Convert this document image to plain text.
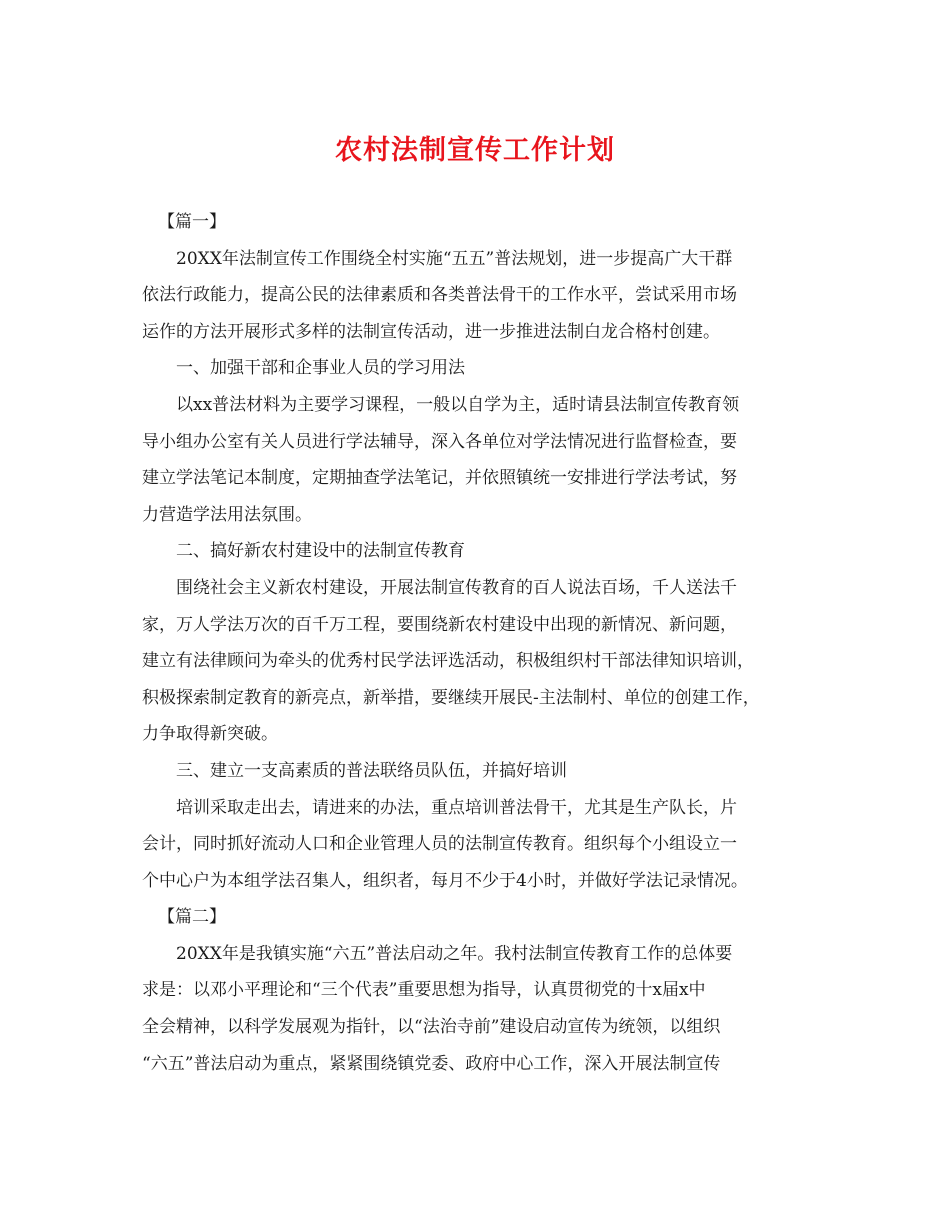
农村法制宣传工作计划
【篇一】
20XX年法制宣传工作围绕全村实施“五五”普法规划，进一步提高广大干群
依法行政能力，提高公民的法律素质和各类普法骨干的工作水平，尝试采用市场
运作的方法开展形式多样的法制宣传活动，进一步推进法制白龙合格村创建。
一、加强干部和企事业人员的学习用法
以xx普法材料为主要学习课程，一般以自学为主，适时请县法制宣传教育领
导小组办公室有关人员进行学法辅导，深入各单位对学法情况进行监督检查，要
建立学法笔记本制度，定期抽查学法笔记，并依照镇统一安排进行学法考试，努
力营造学法用法氛围。
二、搞好新农村建设中的法制宣传教育
围绕社会主义新农村建设，开展法制宣传教育的百人说法百场，千人送法千
家，万人学法万次的百千万工程，要围绕新农村建设中出现的新情况、新问题，
建立有法律顾问为牵头的优秀村民学法评选活动，积极组织村干部法律知识培训，
积极探索制定教育的新亮点，新举措，要继续开展民-主法制村、单位的创建工作，
力争取得新突破。
三、建立一支高素质的普法联络员队伍，并搞好培训
培训采取走出去，请进来的办法，重点培训普法骨干，尤其是生产队长，片
会计，同时抓好流动人口和企业管理人员的法制宣传教育。组织每个小组设立一
个中心户为本组学法召集人，组织者，每月不少于4小时，并做好学法记录情况。
【篇二】
20XX年是我镇实施“六五”普法启动之年。我村法制宣传教育工作的总体要
求是：以邓小平理论和“三个代表”重要思想为指导，认真贯彻党的十x届x中
全会精神，以科学发展观为指针，以“法治寺前”建设启动宣传为统领，以组织
“六五”普法启动为重点，紧紧围绕镇党委、政府中心工作，深入开展法制宣传
